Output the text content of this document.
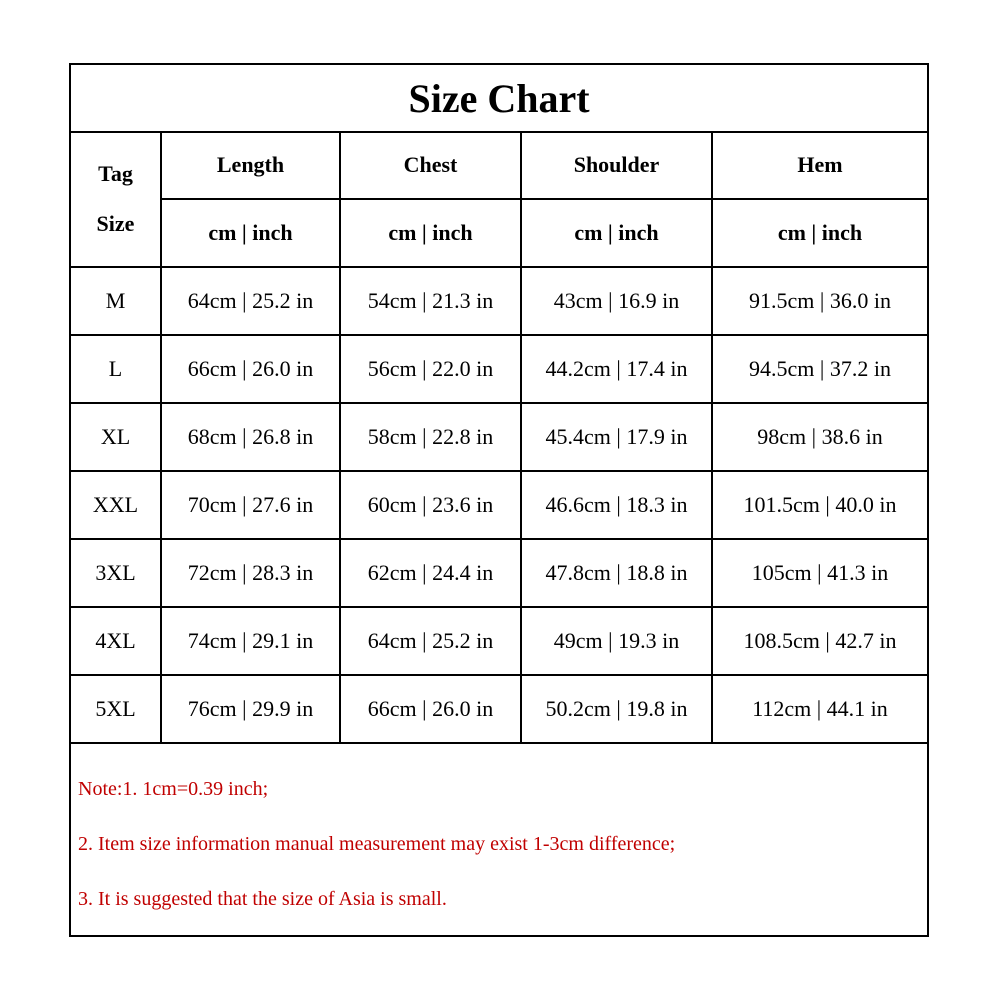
Size Chart
Tag
Size	Length	Chest	Shoulder	Hem
	cm | inch	cm | inch	cm | inch	cm | inch
M	64cm | 25.2 in	54cm | 21.3 in	43cm | 16.9 in	91.5cm | 36.0 in
L	66cm | 26.0 in	56cm | 22.0 in	44.2cm | 17.4 in	94.5cm | 37.2 in
XL	68cm | 26.8 in	58cm | 22.8 in	45.4cm | 17.9 in	98cm | 38.6 in
XXL	70cm | 27.6 in	60cm | 23.6 in	46.6cm | 18.3 in	101.5cm | 40.0 in
3XL	72cm | 28.3 in	62cm | 24.4 in	47.8cm | 18.8 in	105cm | 41.3 in
4XL	74cm | 29.1 in	64cm | 25.2 in	49cm | 19.3 in	108.5cm | 42.7 in
5XL	76cm | 29.9 in	66cm | 26.0 in	50.2cm | 19.8 in	112cm | 44.1 in
Note:1. 1cm=0.39 inch;
2. Item size information manual measurement may exist 1-3cm difference;
3. It is suggested that the size of Asia is small.
